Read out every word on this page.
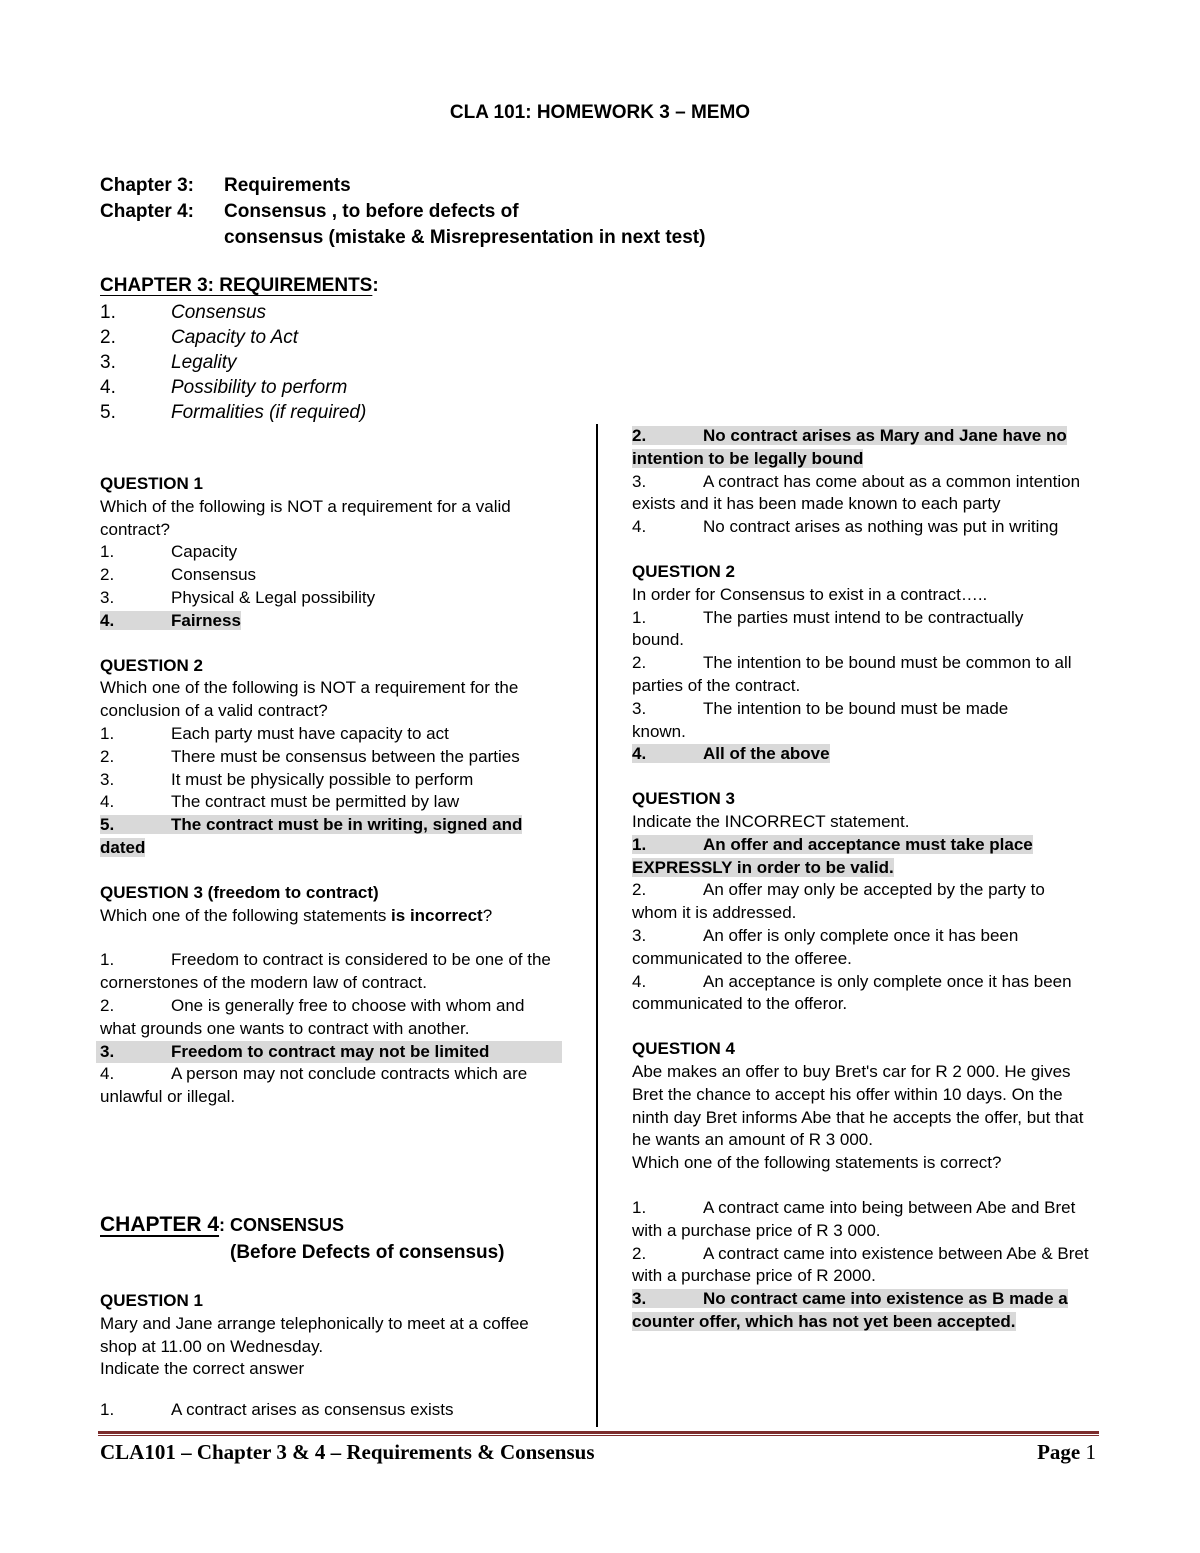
CLA 101: HOMEWORK 3 – MEMO
Chapter 3: Requirements
Chapter 4: Consensus , to before defects of
consensus (mistake & Misrepresentation in next test)
CHAPTER 3: REQUIREMENTS:
1.	Consensus
2.	Capacity to Act
3.	Legality
4.	Possibility to perform
5.	Formalities (if required)
QUESTION 1
Which of the following is NOT a requirement for a valid contract?
1.	Capacity
2.	Consensus
3.	Physical & Legal possibility
4.	Fairness
QUESTION 2
Which one of the following is NOT a requirement for the conclusion of a valid contract?
1.	Each party must have capacity to act
2.	There must be consensus between the parties
3.	It must be physically possible to perform
4.	The contract must be permitted by law
5.	The contract must be in writing, signed and dated
QUESTION 3 (freedom to contract)
Which one of the following statements is incorrect?
1.	Freedom to contract is considered to be one of the cornerstones of the modern law of contract.
2.	One is generally free to choose with whom and what grounds one wants to contract with another.
3.	Freedom to contract may not be limited
4.	A person may not conclude contracts which are unlawful or illegal.
CHAPTER 4: CONSENSUS
(Before Defects of consensus)
QUESTION 1
Mary and Jane arrange telephonically to meet at a coffee shop at 11.00 on Wednesday.
Indicate the correct answer
1.	A contract arises as consensus exists
2.	No contract arises as Mary and Jane have no intention to be legally bound
3.	A contract has come about as a common intention exists and it has been made known to each party
4.	No contract arises as nothing was put in writing
QUESTION 2
In order for Consensus to exist in a contract…..
1.	The parties must intend to be contractually bound.
2.	The intention to be bound must be common to all parties of the contract.
3.	The intention to be bound must be made known.
4.	All of the above
QUESTION 3
Indicate the INCORRECT statement.
1.	An offer and acceptance must take place EXPRESSLY in order to be valid.
2.	An offer may only be accepted by the party to whom it is addressed.
3.	An offer is only complete once it has been communicated to the offeree.
4.	An acceptance is only complete once it has been communicated to the offeror.
QUESTION 4
Abe makes an offer to buy Bret's car for R 2 000. He gives Bret the chance to accept his offer within 10 days. On the ninth day Bret informs Abe that he accepts the offer, but that he wants an amount of R 3 000.
Which one of the following statements is correct?
1.	A contract came into being between Abe and Bret with a purchase price of R 3 000.
2.	A contract came into existence between Abe & Bret with a purchase price of R 2000.
3.	No contract came into existence as B made a counter offer, which has not yet been accepted.
CLA101 – Chapter 3 & 4 – Requirements & Consensus	Page 1
